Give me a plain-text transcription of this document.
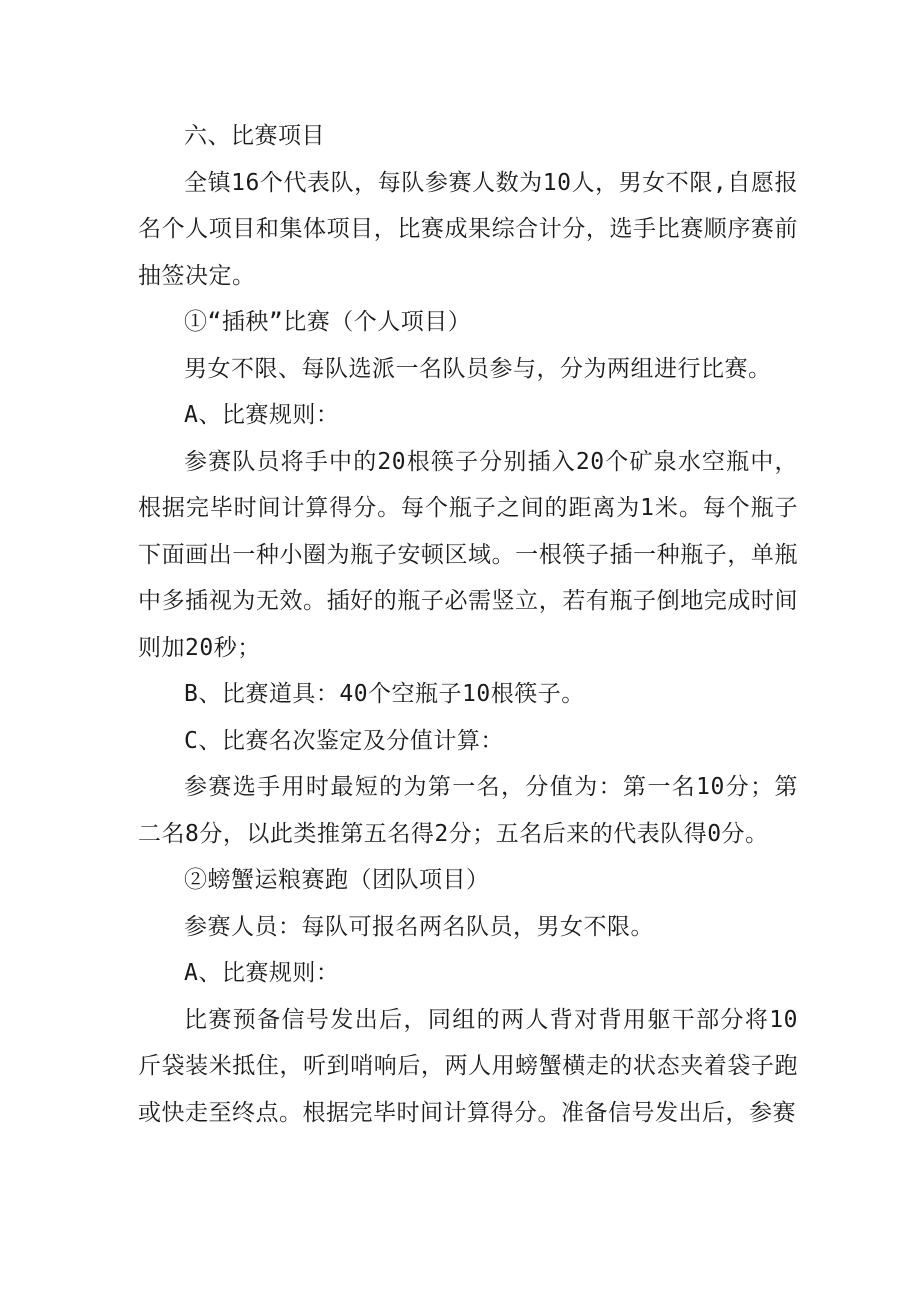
六、比赛项目

全镇16个代表队，每队参赛人数为10人，男女不限,自愿报名个人项目和集体项目，比赛成果综合计分，选手比赛顺序赛前抽签决定。

①“插秧”比赛（个人项目）

男女不限、每队选派一名队员参与，分为两组进行比赛。

A、比赛规则：

参赛队员将手中的20根筷子分别插入20个矿泉水空瓶中，根据完毕时间计算得分。每个瓶子之间的距离为1米。每个瓶子下面画出一种小圈为瓶子安顿区域。一根筷子插一种瓶子，单瓶中多插视为无效。插好的瓶子必需竖立，若有瓶子倒地完成时间则加20秒；

B、比赛道具：40个空瓶子10根筷子。

C、比赛名次鉴定及分值计算：

参赛选手用时最短的为第一名，分值为：第一名10分；第二名8分，以此类推第五名得2分；五名后来的代表队得0分。

②螃蟹运粮赛跑（团队项目）

参赛人员：每队可报名两名队员，男女不限。

A、比赛规则：

比赛预备信号发出后，同组的两人背对背用躯干部分将10斤袋装米抵住，听到哨响后，两人用螃蟹横走的状态夹着袋子跑或快走至终点。根据完毕时间计算得分。准备信号发出后，参赛
